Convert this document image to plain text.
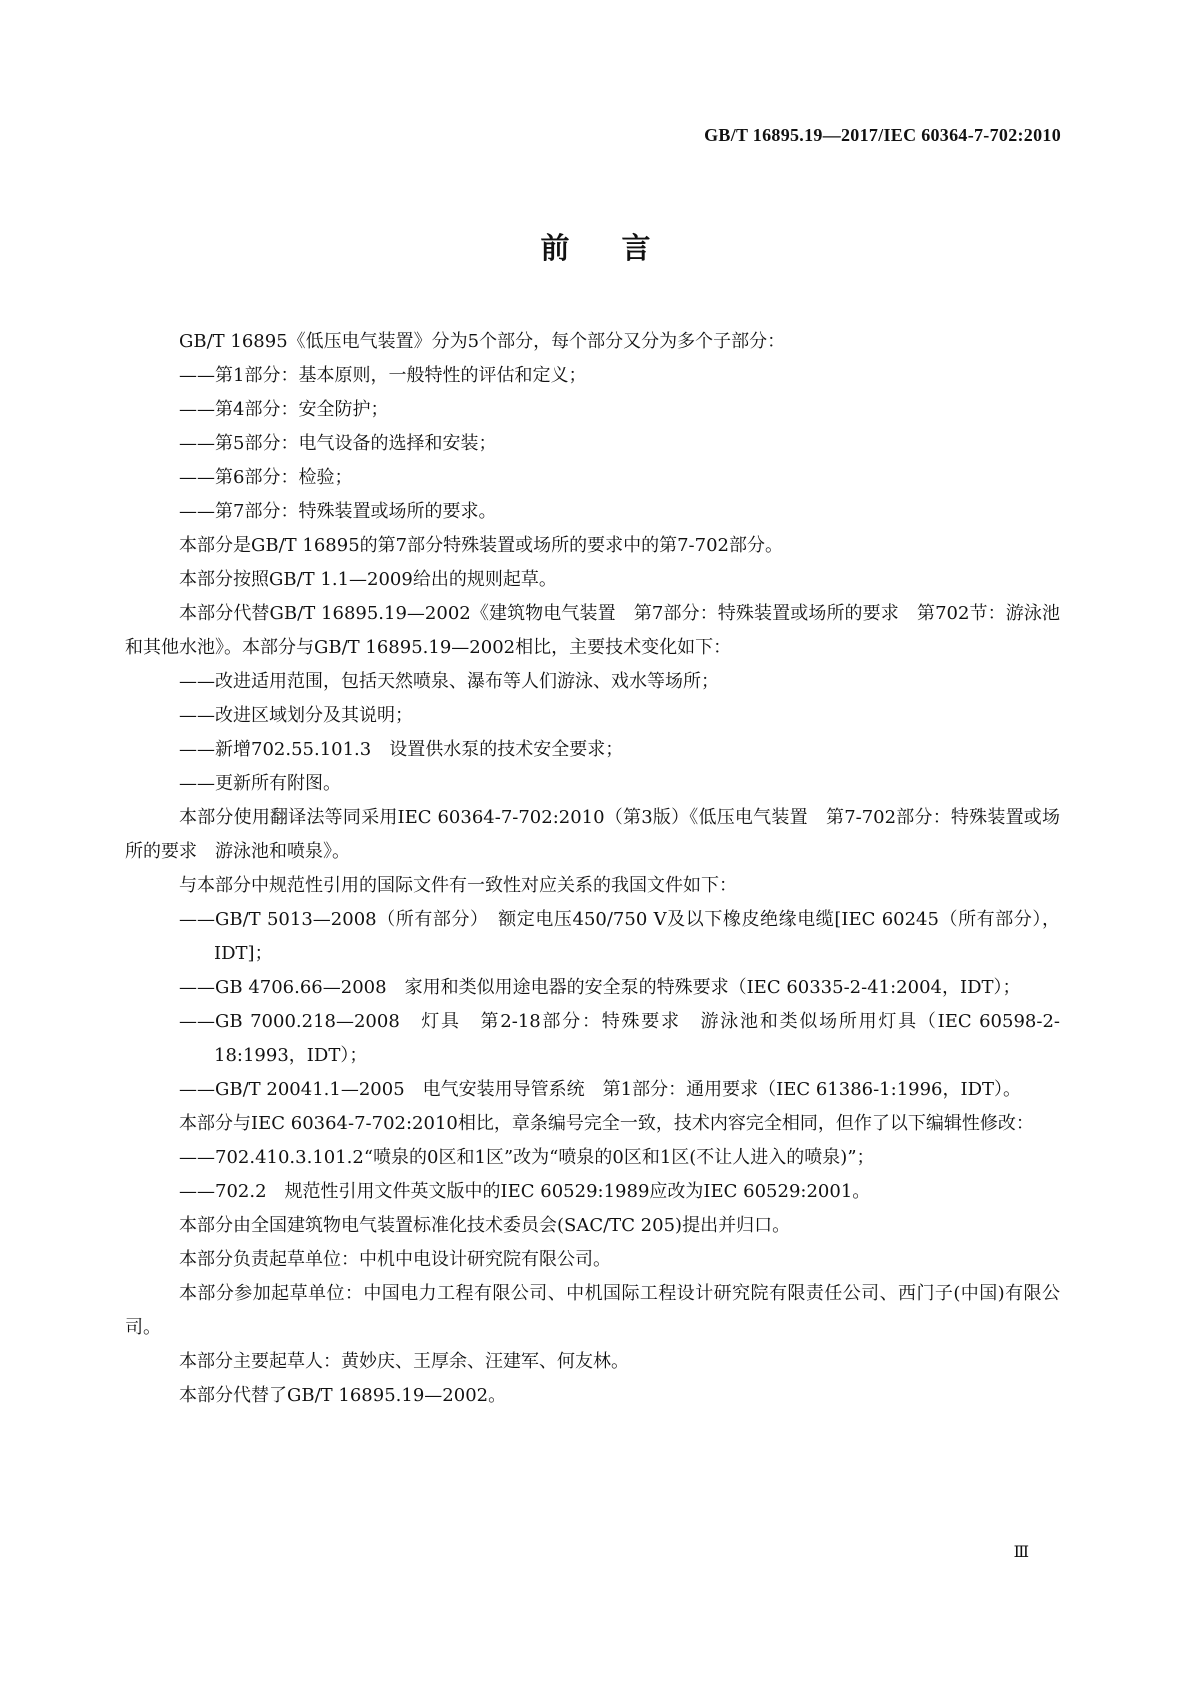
GB/T 16895.19—2017/IEC 60364-7-702:2010
前言

GB/T 16895《低压电气装置》分为5个部分，每个部分又分为多个子部分：

——第1部分：基本原则，一般特性的评估和定义；

——第4部分：安全防护；

——第5部分：电气设备的选择和安装；

——第6部分：检验；

——第7部分：特殊装置或场所的要求。

本部分是GB/T 16895的第7部分特殊装置或场所的要求中的第7-702部分。

本部分按照GB/T 1.1—2009给出的规则起草。

本部分代替GB/T 16895.19—2002《建筑物电气装置　第7部分：特殊装置或场所的要求　第702节：游泳池和其他水池》。本部分与GB/T 16895.19—2002相比，主要技术变化如下：

——改进适用范围，包括天然喷泉、瀑布等人们游泳、戏水等场所；

——改进区域划分及其说明；

——新增702.55.101.3　设置供水泵的技术安全要求；

——更新所有附图。

本部分使用翻译法等同采用IEC 60364-7-702:2010（第3版）《低压电气装置　第7-702部分：特殊装置或场所的要求　游泳池和喷泉》。

与本部分中规范性引用的国际文件有一致性对应关系的我国文件如下：

——GB/T 5013—2008（所有部分）　额定电压450/750 V及以下橡皮绝缘电缆[IEC 60245（所有部分），IDT]；

——GB 4706.66—2008　家用和类似用途电器的安全泵的特殊要求（IEC 60335-2-41:2004，IDT）；

——GB 7000.218—2008　灯具　第2-18部分：特殊要求　游泳池和类似场所用灯具（IEC 60598-2-18:1993，IDT）；

——GB/T 20041.1—2005　电气安装用导管系统　第1部分：通用要求（IEC 61386-1:1996，IDT）。

本部分与IEC 60364-7-702:2010相比，章条编号完全一致，技术内容完全相同，但作了以下编辑性修改：

——702.410.3.101.2“喷泉的0区和1区”改为“喷泉的0区和1区(不让人进入的喷泉)”；

——702.2　规范性引用文件英文版中的IEC 60529:1989应改为IEC 60529:2001。

本部分由全国建筑物电气装置标准化技术委员会(SAC/TC 205)提出并归口。

本部分负责起草单位：中机中电设计研究院有限公司。

本部分参加起草单位：中国电力工程有限公司、中机国际工程设计研究院有限责任公司、西门子(中国)有限公司。

本部分主要起草人：黄妙庆、王厚余、汪建军、何友林。

本部分代替了GB/T 16895.19—2002。

Ⅲ
